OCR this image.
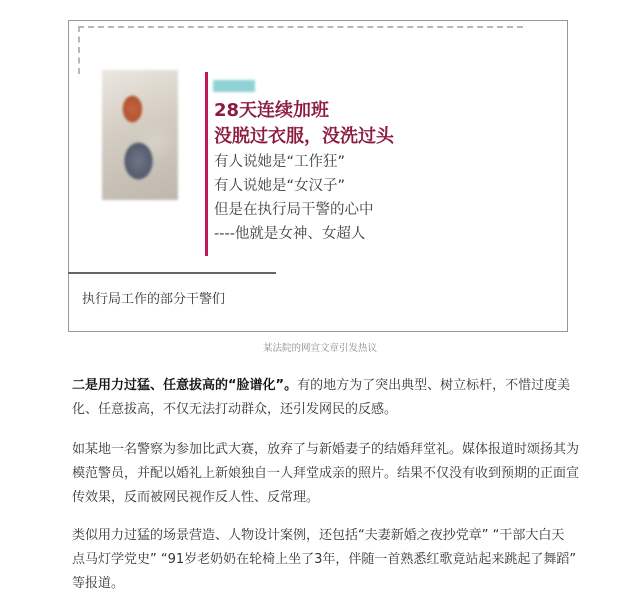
28天连续加班
没脱过衣服，没洗过头
有人说她是“工作狂”
有人说她是“女汉子”
但是在执行局干警的心中
----他就是女神、女超人
执行局工作的部分干警们
某法院的网宣文章引发热议
二是用力过猛、任意拔高的“脸谱化”。有的地方为了突出典型、树立标杆，不惜过度美
化、任意拔高，不仅无法打动群众，还引发网民的反感。
如某地一名警察为参加比武大赛，放弃了与新婚妻子的结婚拜堂礼。媒体报道时颂扬其为
模范警员，并配以婚礼上新娘独自一人拜堂成亲的照片。结果不仅没有收到预期的正面宣
传效果，反而被网民视作反人性、反常理。
类似用力过猛的场景营造、人物设计案例，还包括“夫妻新婚之夜抄党章” “干部大白天
点马灯学党史” “91岁老奶奶在轮椅上坐了3年，伴随一首熟悉红歌竟站起来跳起了舞蹈”
等报道。
